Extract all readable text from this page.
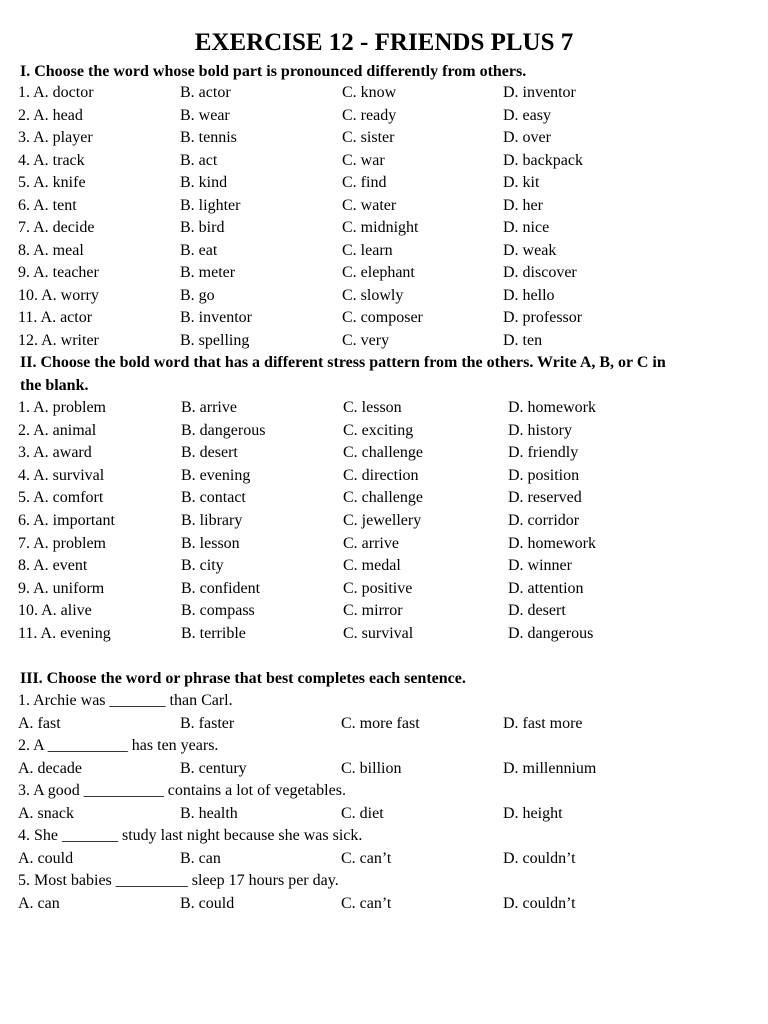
EXERCISE 12 - FRIENDS PLUS 7
I. Choose the word whose bold part is pronounced differently from others.
1. A. doctor	B. actor	C. know	D. inventor
2. A. head	B. wear	C. ready	D. easy
3. A. player	B. tennis	C. sister	D. over
4. A. track	B. act	C. war	D. backpack
5. A. knife	B. kind	C. find	D. kit
6. A. tent	B. lighter	C. water	D. her
7. A. decide	B. bird	C. midnight	D. nice
8. A. meal	B. eat	C. learn	D. weak
9. A. teacher	B. meter	C. elephant	D. discover
10. A. worry	B. go	C. slowly	D. hello
11. A. actor	B. inventor	C. composer	D. professor
12. A. writer	B. spelling	C. very	D. ten
II. Choose the bold word that has a different stress pattern from the others. Write A, B, or C in
the blank.
1. A. problem	B. arrive	C. lesson	D. homework
2. A. animal	B. dangerous	C. exciting	D. history
3. A. award	B. desert	C. challenge	D. friendly
4. A. survival	B. evening	C. direction	D. position
5. A. comfort	B. contact	C. challenge	D. reserved
6. A. important	B. library	C. jewellery	D. corridor
7. A. problem	B. lesson	C. arrive	D. homework
8. A. event	B. city	C. medal	D. winner
9. A. uniform	B. confident	C. positive	D. attention
10. A. alive	B. compass	C. mirror	D. desert
11. A. evening	B. terrible	C. survival	D. dangerous
III. Choose the word or phrase that best completes each sentence.
1. Archie was _______ than Carl.
A. fast	B. faster	C. more fast	D. fast more
2. A __________ has ten years.
A. decade	B. century	C. billion	D. millennium
3. A good __________ contains a lot of vegetables.
A. snack	B. health	C. diet	D. height
4. She _______ study last night because she was sick.
A. could	B. can	C. can’t	D. couldn’t
5. Most babies _________ sleep 17 hours per day.
A. can	B. could	C. can’t	D. couldn’t
